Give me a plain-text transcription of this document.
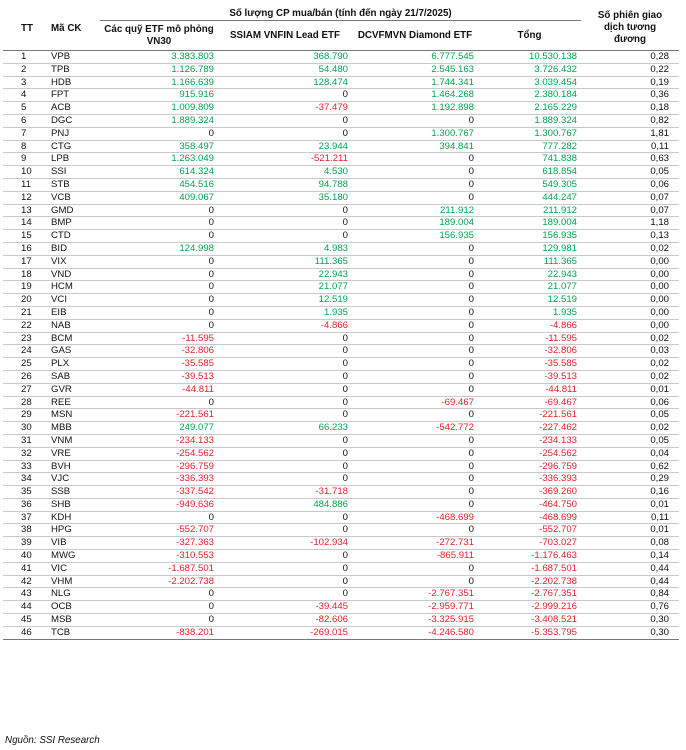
TT	Mã CK	Số lượng CP mua/bán (tính đến ngày 21/7/2025)				Số phiên giao dịch tương đương
		Các quỹ ETF mô phỏng VN30	SSIAM VNFIN Lead ETF	DCVFMVN Diamond ETF	Tổng	
1	VPB	3.383.803	368.790	6.777.545	10.530.138	0,28
2	TPB	1.126.789	54.480	2.545.163	3.726.432	0,22
3	HDB	1.166.639	128.474	1.744.341	3.039.454	0,19
4	FPT	915.916	0	1.464.268	2.380.184	0,36
5	ACB	1.009.809	-37.479	1.192.898	2.165.229	0,18
6	DGC	1.889.324	0	0	1.889.324	0,82
7	PNJ	0	0	1.300.767	1.300.767	1,81
8	CTG	358.497	23.944	394.841	777.282	0,11
9	LPB	1.263.049	-521.211	0	741.838	0,63
10	SSI	614.324	4.530	0	618.854	0,05
11	STB	454.516	94.788	0	549.305	0,06
12	VCB	409.067	35.180	0	444.247	0,07
13	GMD	0	0	211.912	211.912	0,07
14	BMP	0	0	189.004	189.004	1,18
15	CTD	0	0	156.935	156.935	0,13
16	BID	124.998	4.983	0	129.981	0,02
17	VIX	0	111.365	0	111.365	0,00
18	VND	0	22.943	0	22.943	0,00
19	HCM	0	21.077	0	21.077	0,00
20	VCI	0	12.519	0	12.519	0,00
21	EIB	0	1.935	0	1.935	0,00
22	NAB	0	-4.866	0	-4.866	0,00
23	BCM	-11.595	0	0	-11.595	0,02
24	GAS	-32.806	0	0	-32.806	0,03
25	PLX	-35.585	0	0	-35.585	0,02
26	SAB	-39.513	0	0	-39.513	0,02
27	GVR	-44.811	0	0	-44.811	0,01
28	REE	0	0	-69.467	-69.467	0,06
29	MSN	-221.561	0	0	-221.561	0,05
30	MBB	249.077	66.233	-542.772	-227.462	0,02
31	VNM	-234.133	0	0	-234.133	0,05
32	VRE	-254.562	0	0	-254.562	0,04
33	BVH	-296.759	0	0	-296.759	0,62
34	VJC	-336.393	0	0	-336.393	0,29
35	SSB	-337.542	-31.718	0	-369.260	0,16
36	SHB	-949.636	484.886	0	-464.750	0,01
37	KDH	0	0	-468.699	-468.699	0,11
38	HPG	-552.707	0	0	-552.707	0,01
39	VIB	-327.363	-102.934	-272.731	-703.027	0,08
40	MWG	-310.553	0	-865.911	-1.176.463	0,14
41	VIC	-1.687.501	0	0	-1.687.501	0,44
42	VHM	-2.202.738	0	0	-2.202.738	0,44
43	NLG	0	0	-2.767.351	-2.767.351	0,84
44	OCB	0	-39.445	-2.959.771	-2.999.216	0,76
45	MSB	0	-82.606	-3.325.915	-3.408.521	0,30
46	TCB	-838.201	-269.015	-4.246.580	-5.353.795	0,30
Nguồn: SSI Research
